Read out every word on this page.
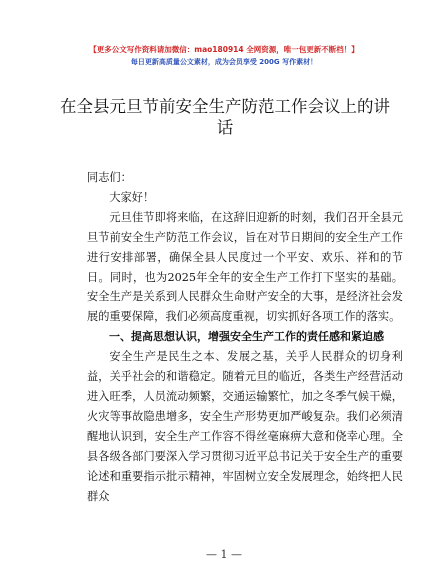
【更多公文写作资料请加微信：mao180914 全网资源，唯一包更新不断档！】
每日更新高质量公文素材，成为会员享受 200G 写作素材！
在全县元旦节前安全生产防范工作会议上的讲话

同志们：

大家好！

元旦佳节即将来临，在这辞旧迎新的时刻，我们召开全县元旦节前安全生产防范工作会议，旨在对节日期间的安全生产工作进行安排部署，确保全县人民度过一个平安、欢乐、祥和的节日。同时，也为2025年全年的安全生产工作打下坚实的基础。安全生产是关系到人民群众生命财产安全的大事，是经济社会发展的重要保障，我们必须高度重视，切实抓好各项工作的落实。

一、提高思想认识，增强安全生产工作的责任感和紧迫感

安全生产是民生之本、发展之基，关乎人民群众的切身利益，关乎社会的和谐稳定。随着元旦的临近，各类生产经营活动进入旺季，人员流动频繁，交通运输繁忙，加之冬季气候干燥，火灾等事故隐患增多，安全生产形势更加严峻复杂。我们必须清醒地认识到，安全生产工作容不得丝毫麻痹大意和侥幸心理。全县各级各部门要深入学习贯彻习近平总书记关于安全生产的重要论述和重要指示批示精神，牢固树立安全发展理念，始终把人民群众

— 1 —
